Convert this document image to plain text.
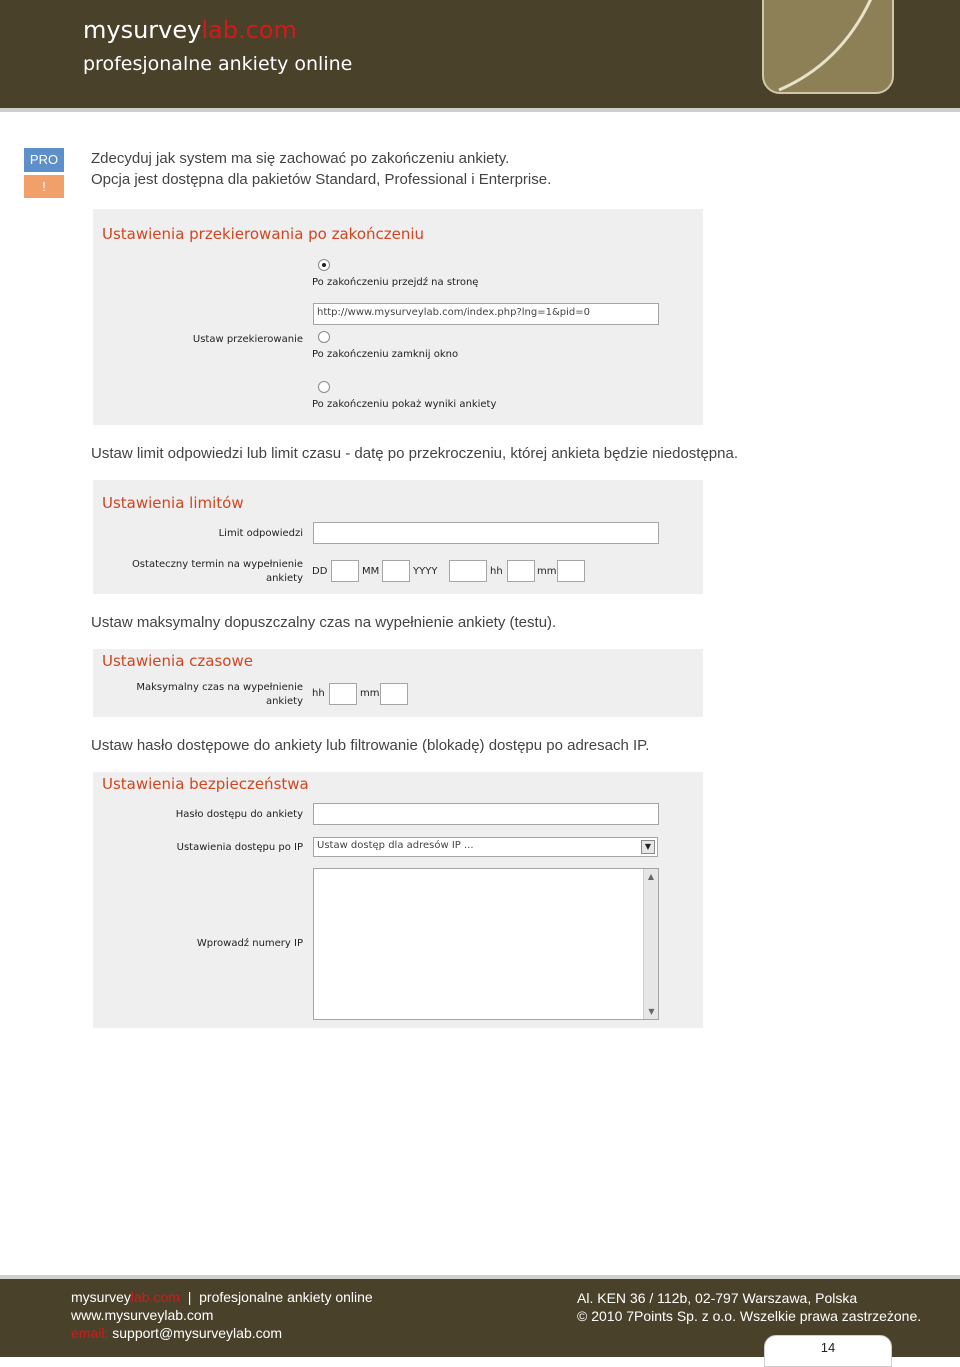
mysurveylab.com
profesjonalne ankiety online
PRO
!
Zdecyduj jak system ma się zachować po zakończeniu ankiety.
Opcja jest dostępna dla pakietów Standard, Professional i Enterprise.
Ustawienia przekierowania po zakończeniu
Po zakończeniu przejdź na stronę
http://www.mysurveylab.com/index.php?lng=1&pid=0
Ustaw przekierowanie
Po zakończeniu zamknij okno
Po zakończeniu pokaż wyniki ankiety
Ustaw limit odpowiedzi lub limit czasu - datę po przekroczeniu, której ankieta będzie niedostępna.
Ustawienia limitów
Limit odpowiedzi
Ostateczny termin na wypełnienie
ankiety
DD	MM	YYYY	hh	mm
Ustaw maksymalny dopuszczalny czas na wypełnienie ankiety (testu).
Ustawienia czasowe
Maksymalny czas na wypełnienie
ankiety
hh	mm
Ustaw hasło dostępowe do ankiety lub filtrowanie (blokadę) dostępu po adresach IP.
Ustawienia bezpieczeństwa
Hasło dostępu do ankiety
Ustawienia dostępu po IP	Ustaw dostęp dla adresów IP ...	▼
Wprowadź numery IP
▲
▼
mysurveylab.com | profesjonalne ankiety online
www.mysurveylab.com
email: support@mysurveylab.com
Al. KEN 36 / 112b, 02-797 Warszawa, Polska
© 2010 7Points Sp. z o.o. Wszelkie prawa zastrzeżone.
14
